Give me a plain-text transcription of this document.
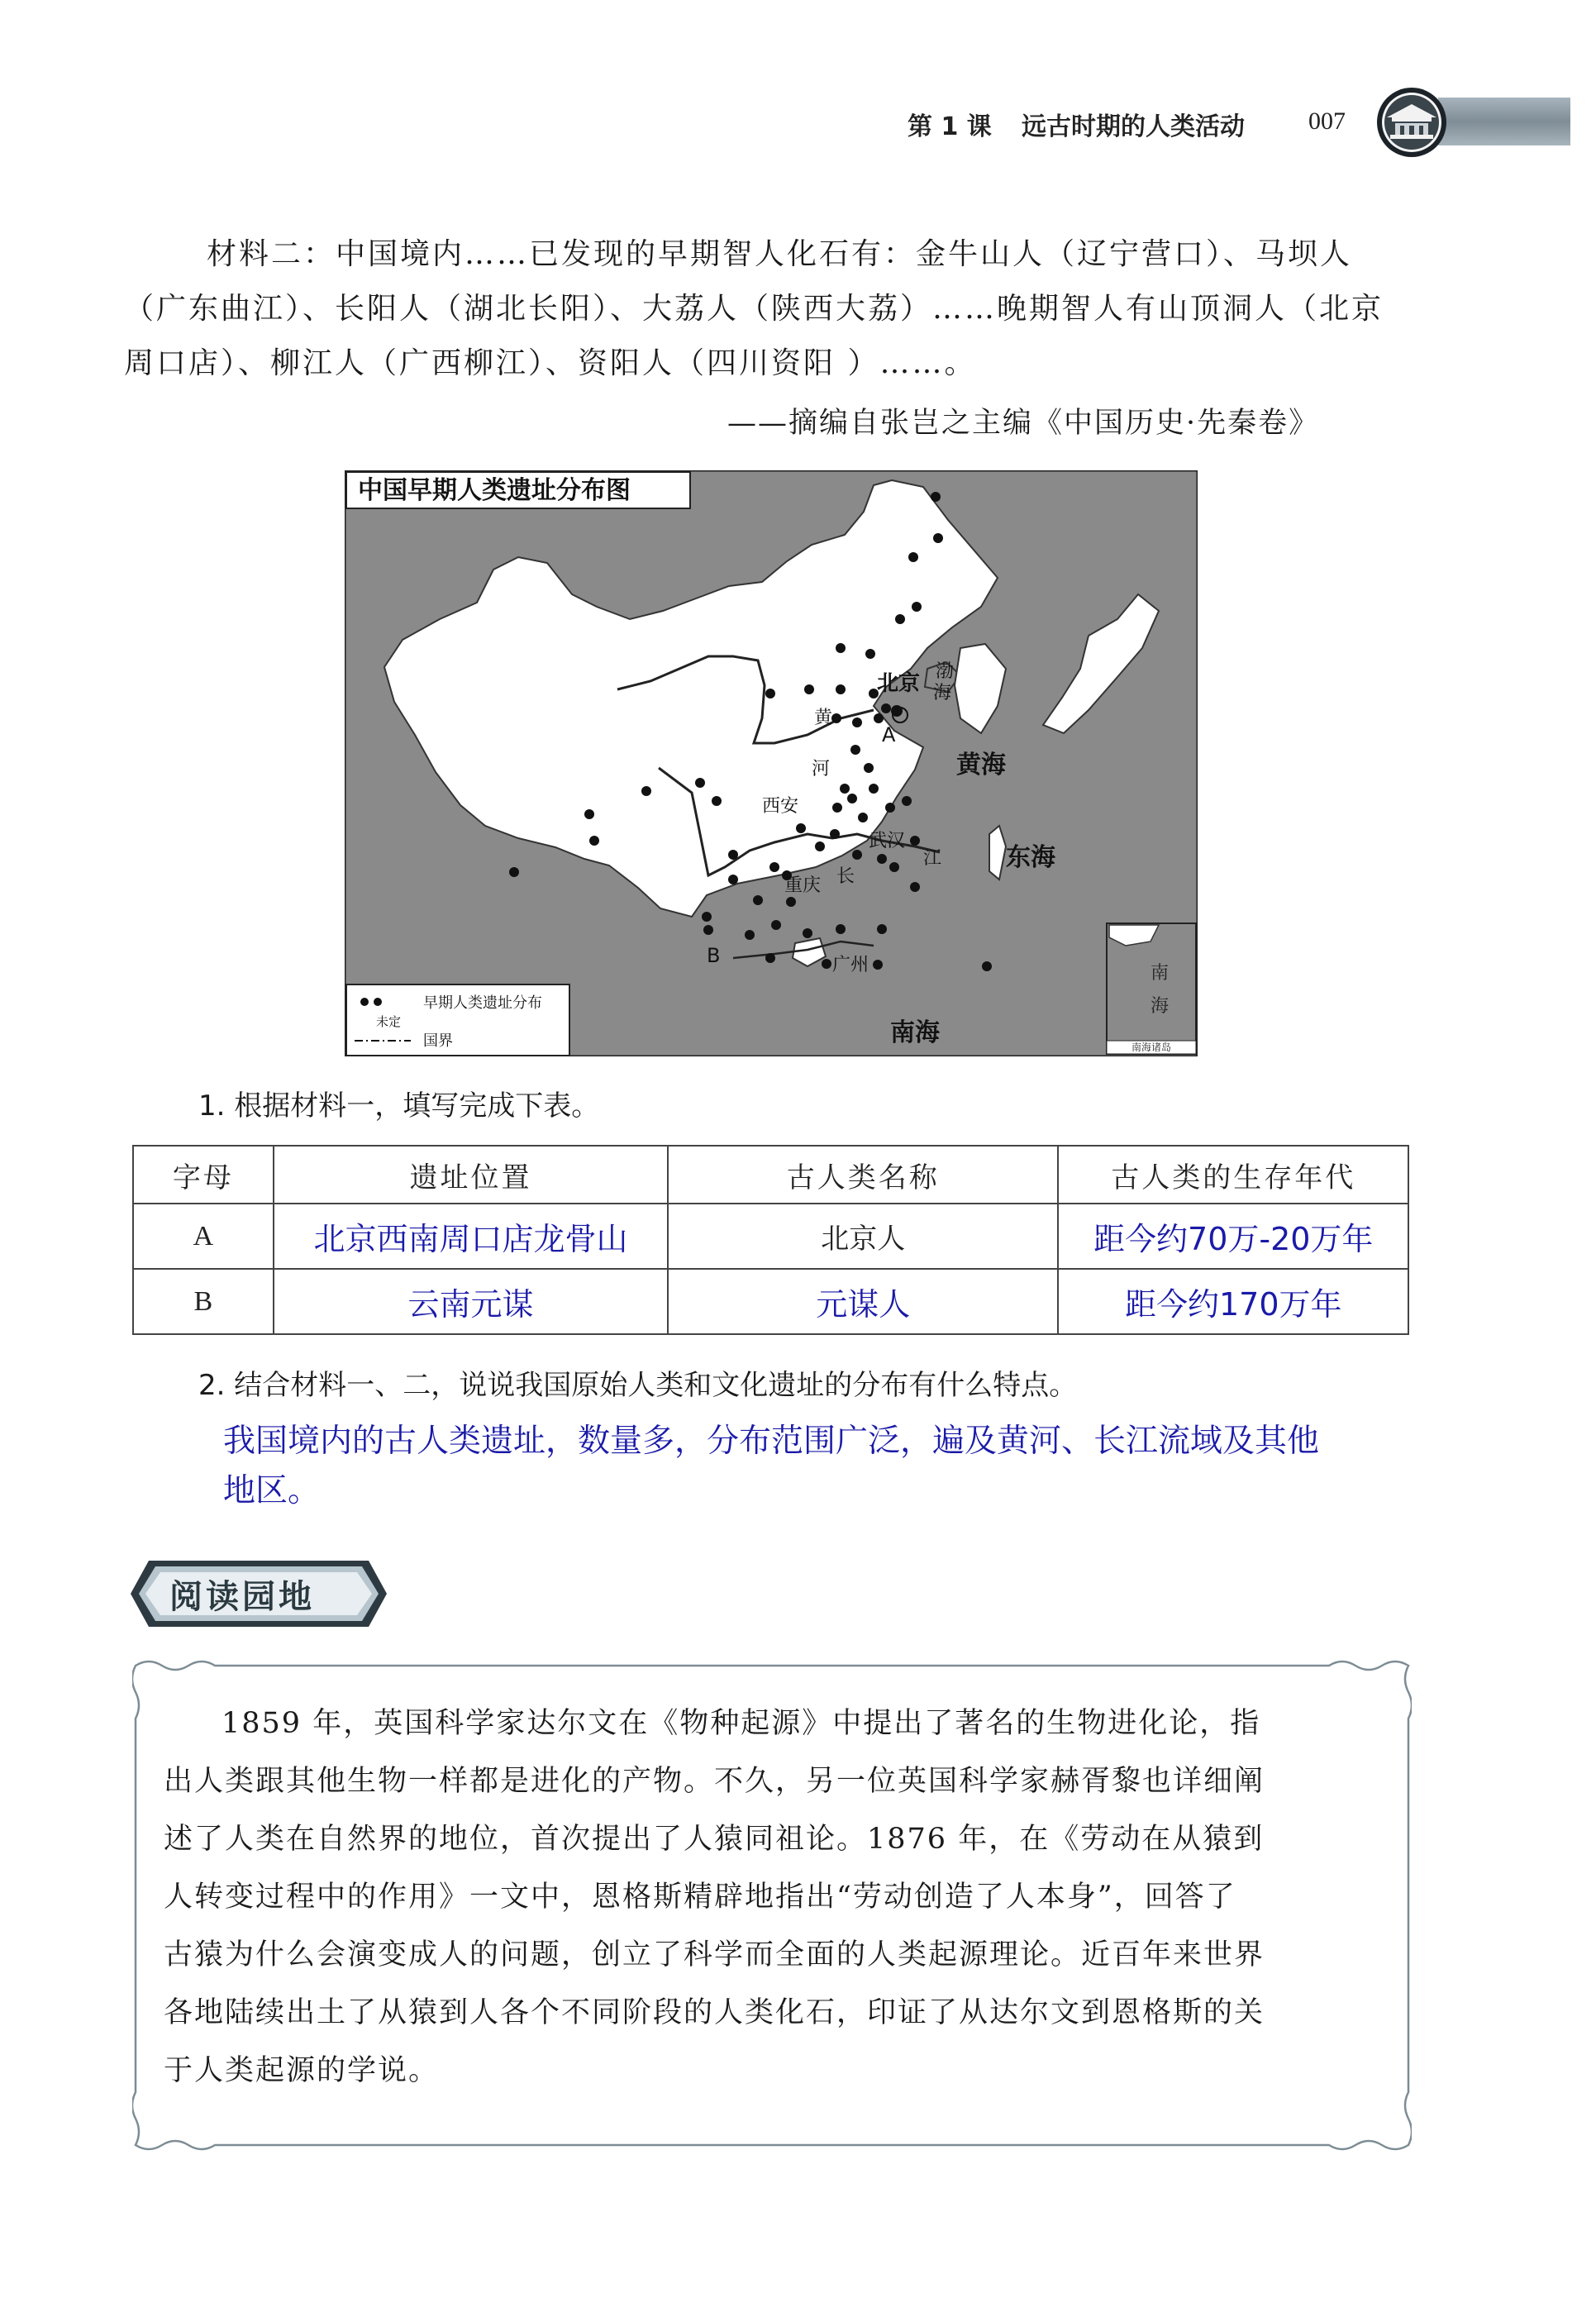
第 1 课 远古时期的人类活动	007
材料二：中国境内……已发现的早期智人化石有：金牛山人（辽宁营口）、马坝人
（广东曲江）、长阳人（湖北长阳）、大荔人（陕西大荔）……晚期智人有山顶洞人（北京
周口店）、柳江人（广西柳江）、资阳人（四川资阳 ）……。
——摘编自张岂之主编《中国历史·先秦卷》
南海诸岛
南
海
中国早期人类遗址分布图
早期人类遗址分布
未定
国界
北京
A
B
西安
武汉
重庆
广州
黄
河
长
江
渤
海
黄海
东海
南海
1. 根据材料一，填写完成下表。
字母	遗址位置	古人类名称	古人类的生存年代
A	北京西南周口店龙骨山	北京人	距今约70万-20万年
B	云南元谋	元谋人	距今约170万年
2. 结合材料一、二，说说我国原始人类和文化遗址的分布有什么特点。
我国境内的古人类遗址，数量多，分布范围广泛，遍及黄河、长江流域及其他
地区。
阅读园地
1859 年，英国科学家达尔文在《物种起源》中提出了著名的生物进化论，指
出人类跟其他生物一样都是进化的产物。不久，另一位英国科学家赫胥黎也详细阐
述了人类在自然界的地位，首次提出了人猿同祖论。1876 年，在《劳动在从猿到
人转变过程中的作用》一文中，恩格斯精辟地指出“劳动创造了人本身”，回答了
古猿为什么会演变成人的问题，创立了科学而全面的人类起源理论。近百年来世界
各地陆续出土了从猿到人各个不同阶段的人类化石，印证了从达尔文到恩格斯的关
于人类起源的学说。
